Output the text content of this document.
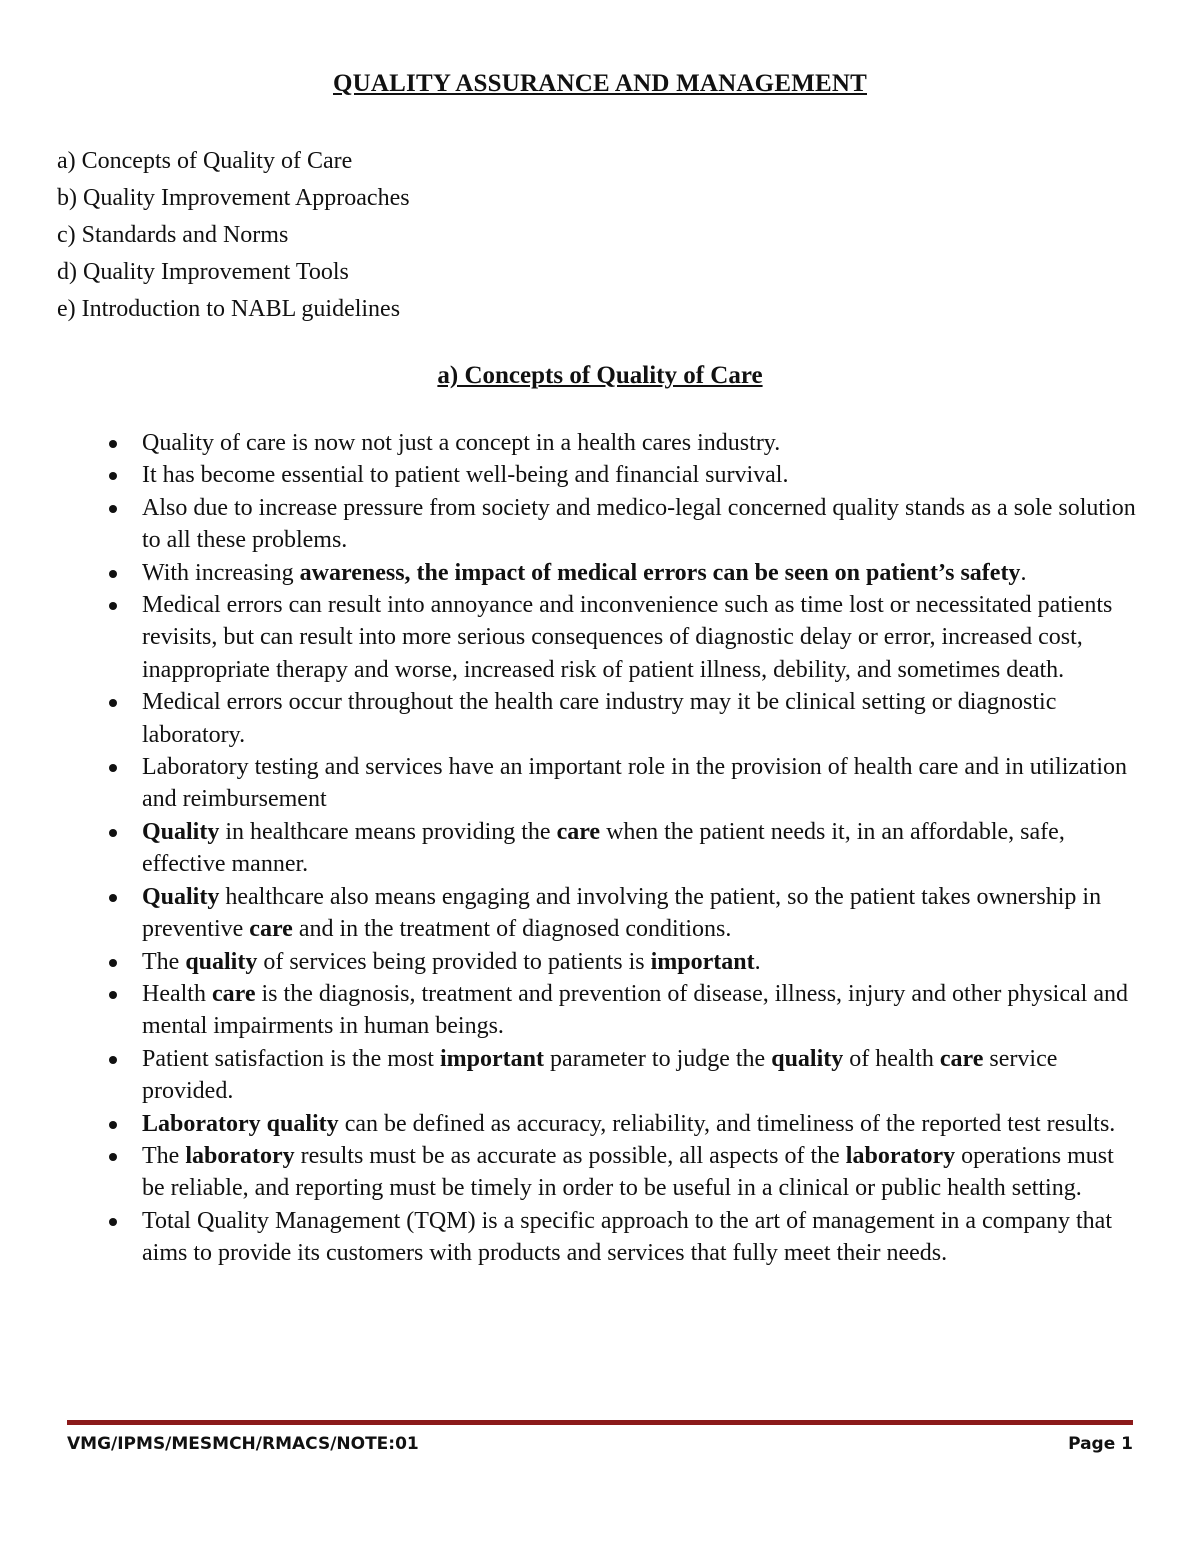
QUALITY ASSURANCE AND MANAGEMENT
a) Concepts of Quality of Care
b) Quality Improvement Approaches
c) Standards and Norms
d) Quality Improvement Tools
e) Introduction to NABL guidelines
a) Concepts of Quality of Care
Quality of care is now not just a concept in a health cares industry.
It has become essential to patient well-being and financial survival.
Also due to increase pressure from society and medico-legal concerned quality stands as a sole solution to all these problems.
With increasing awareness, the impact of medical errors can be seen on patient’s safety.
Medical errors can result into annoyance and inconvenience such as time lost or necessitated patients revisits, but can result into more serious consequences of diagnostic delay or error, increased cost, inappropriate therapy and worse, increased risk of patient illness, debility, and sometimes death.
Medical errors occur throughout the health care industry may it be clinical setting or diagnostic laboratory.
Laboratory testing and services have an important role in the provision of health care and in utilization and reimbursement
Quality in healthcare means providing the care when the patient needs it, in an affordable, safe, effective manner.
Quality healthcare also means engaging and involving the patient, so the patient takes ownership in preventive care and in the treatment of diagnosed conditions.
The quality of services being provided to patients is important.
Health care is the diagnosis, treatment and prevention of disease, illness, injury and other physical and mental impairments in human beings.
Patient satisfaction is the most important parameter to judge the quality of health care service provided.
Laboratory quality can be defined as accuracy, reliability, and timeliness of the reported test results.
The laboratory results must be as accurate as possible, all aspects of the laboratory operations must be reliable, and reporting must be timely in order to be useful in a clinical or public health setting.
Total Quality Management (TQM) is a specific approach to the art of management in a company that aims to provide its customers with products and services that fully meet their needs.
VMG/IPMS/MESMCH/RMACS/NOTE:01	Page 1
